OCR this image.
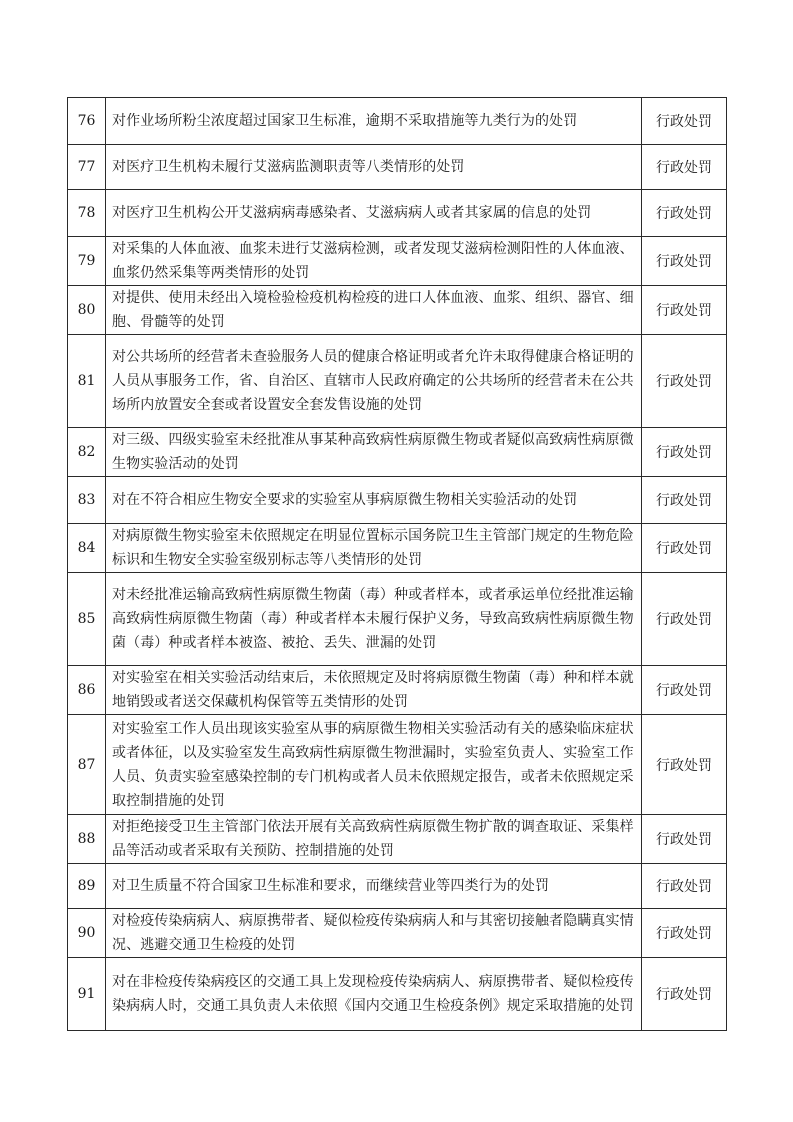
76	对作业场所粉尘浓度超过国家卫生标准，逾期不采取措施等九类行为的处罚	行政处罚
77	对医疗卫生机构未履行艾滋病监测职责等八类情形的处罚	行政处罚
78	对医疗卫生机构公开艾滋病病毒感染者、艾滋病病人或者其家属的信息的处罚	行政处罚
79	对采集的人体血液、血浆未进行艾滋病检测，或者发现艾滋病检测阳性的人体血液、血浆仍然采集等两类情形的处罚	行政处罚
80	对提供、使用未经出入境检验检疫机构检疫的进口人体血液、血浆、组织、器官、细胞、骨髓等的处罚	行政处罚
81	对公共场所的经营者未查验服务人员的健康合格证明或者允许未取得健康合格证明的人员从事服务工作，省、自治区、直辖市人民政府确定的公共场所的经营者未在公共场所内放置安全套或者设置安全套发售设施的处罚	行政处罚
82	对三级、四级实验室未经批准从事某种高致病性病原微生物或者疑似高致病性病原微生物实验活动的处罚	行政处罚
83	对在不符合相应生物安全要求的实验室从事病原微生物相关实验活动的处罚	行政处罚
84	对病原微生物实验室未依照规定在明显位置标示国务院卫生主管部门规定的生物危险标识和生物安全实验室级别标志等八类情形的处罚	行政处罚
85	对未经批准运输高致病性病原微生物菌（毒）种或者样本，或者承运单位经批准运输高致病性病原微生物菌（毒）种或者样本未履行保护义务，导致高致病性病原微生物菌（毒）种或者样本被盗、被抢、丢失、泄漏的处罚	行政处罚
86	对实验室在相关实验活动结束后，未依照规定及时将病原微生物菌（毒）种和样本就地销毁或者送交保藏机构保管等五类情形的处罚	行政处罚
87	对实验室工作人员出现该实验室从事的病原微生物相关实验活动有关的感染临床症状或者体征，以及实验室发生高致病性病原微生物泄漏时，实验室负责人、实验室工作人员、负责实验室感染控制的专门机构或者人员未依照规定报告，或者未依照规定采取控制措施的处罚	行政处罚
88	对拒绝接受卫生主管部门依法开展有关高致病性病原微生物扩散的调查取证、采集样品等活动或者采取有关预防、控制措施的处罚	行政处罚
89	对卫生质量不符合国家卫生标准和要求，而继续营业等四类行为的处罚	行政处罚
90	对检疫传染病病人、病原携带者、疑似检疫传染病病人和与其密切接触者隐瞒真实情况、逃避交通卫生检疫的处罚	行政处罚
91	对在非检疫传染病疫区的交通工具上发现检疫传染病病人、病原携带者、疑似检疫传染病病人时，交通工具负责人未依照《国内交通卫生检疫条例》规定采取措施的处罚	行政处罚
